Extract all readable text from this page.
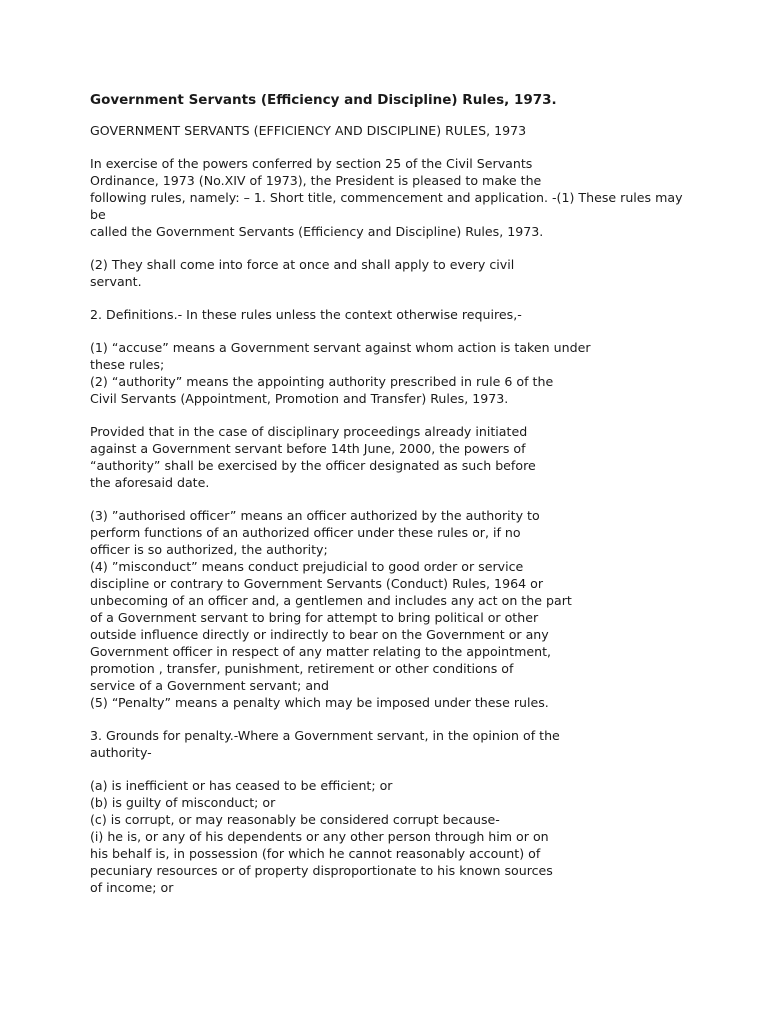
Government Servants (Efficiency and Discipline) Rules, 1973.
GOVERNMENT SERVANTS (EFFICIENCY AND DISCIPLINE) RULES, 1973
In exercise of the powers conferred by section 25 of the Civil Servants
Ordinance, 1973 (No.XIV of 1973), the President is pleased to make the
following rules, namely: – 1. Short title, commencement and application. -(1) These rules may
be
called the Government Servants (Efficiency and Discipline) Rules, 1973.
(2) They shall come into force at once and shall apply to every civil
servant.
2. Definitions.- In these rules unless the context otherwise requires,-
(1) “accuse” means a Government servant against whom action is taken under
these rules;
(2) “authority” means the appointing authority prescribed in rule 6 of the
Civil Servants (Appointment, Promotion and Transfer) Rules, 1973.
Provided that in the case of disciplinary proceedings already initiated
against a Government servant before 14th June, 2000, the powers of
“authority” shall be exercised by the officer designated as such before
the aforesaid date.
(3) ”authorised officer” means an officer authorized by the authority to
perform functions of an authorized officer under these rules or, if no
officer is so authorized, the authority;
(4) ”misconduct” means conduct prejudicial to good order or service
discipline or contrary to Government Servants (Conduct) Rules, 1964 or
unbecoming of an officer and, a gentlemen and includes any act on the part
of a Government servant to bring for attempt to bring political or other
outside influence directly or indirectly to bear on the Government or any
Government officer in respect of any matter relating to the appointment,
promotion , transfer, punishment, retirement or other conditions of
service of a Government servant; and
(5) “Penalty” means a penalty which may be imposed under these rules.
3. Grounds for penalty.-Where a Government servant, in the opinion of the
authority-
(a) is inefficient or has ceased to be efficient; or
(b) is guilty of misconduct; or
(c) is corrupt, or may reasonably be considered corrupt because-
(i) he is, or any of his dependents or any other person through him or on
his behalf is, in possession (for which he cannot reasonably account) of
pecuniary resources or of property disproportionate to his known sources
of income; or
